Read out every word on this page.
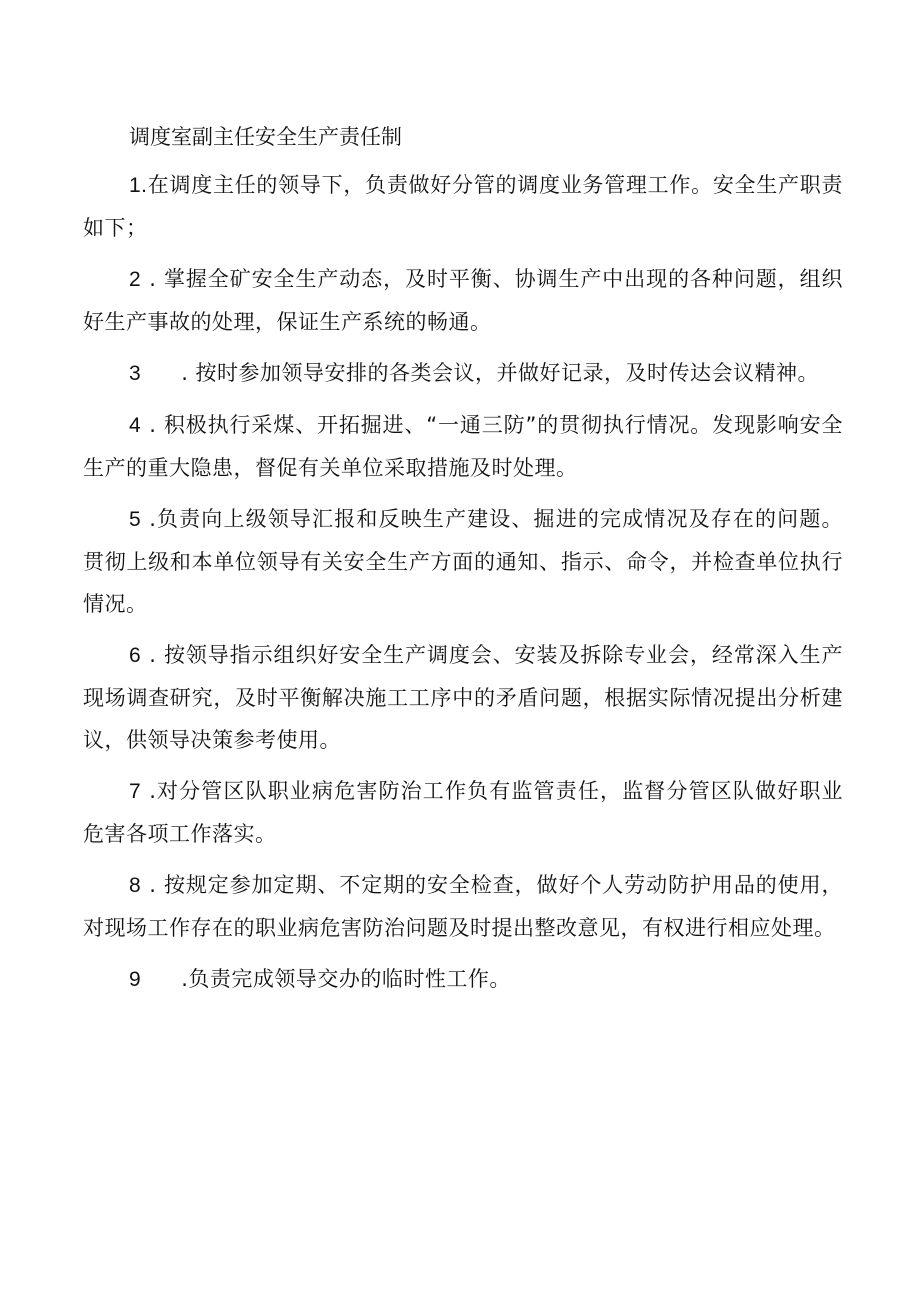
调度室副主任安全生产责任制

1.在调度主任的领导下，负责做好分管的调度业务管理工作。安全生产职责如下；

2 . 掌握全矿安全生产动态，及时平衡、协调生产中出现的各种问题，组织好生产事故的处理，保证生产系统的畅通。

3 . 按时参加领导安排的各类会议，并做好记录，及时传达会议精神。

4 . 积极执行采煤、开拓掘进、“一通三防”的贯彻执行情况。发现影响安全生产的重大隐患，督促有关单位采取措施及时处理。

5 .负责向上级领导汇报和反映生产建设、掘进的完成情况及存在的问题。贯彻上级和本单位领导有关安全生产方面的通知、指示、命令，并检查单位执行情况。

6 . 按领导指示组织好安全生产调度会、安装及拆除专业会，经常深入生产现场调查研究，及时平衡解决施工工序中的矛盾问题，根据实际情况提出分析建议，供领导决策参考使用。

7 .对分管区队职业病危害防治工作负有监管责任，监督分管区队做好职业危害各项工作落实。

8 . 按规定参加定期、不定期的安全检查，做好个人劳动防护用品的使用，对现场工作存在的职业病危害防治问题及时提出整改意见，有权进行相应处理。

9 .负责完成领导交办的临时性工作。
